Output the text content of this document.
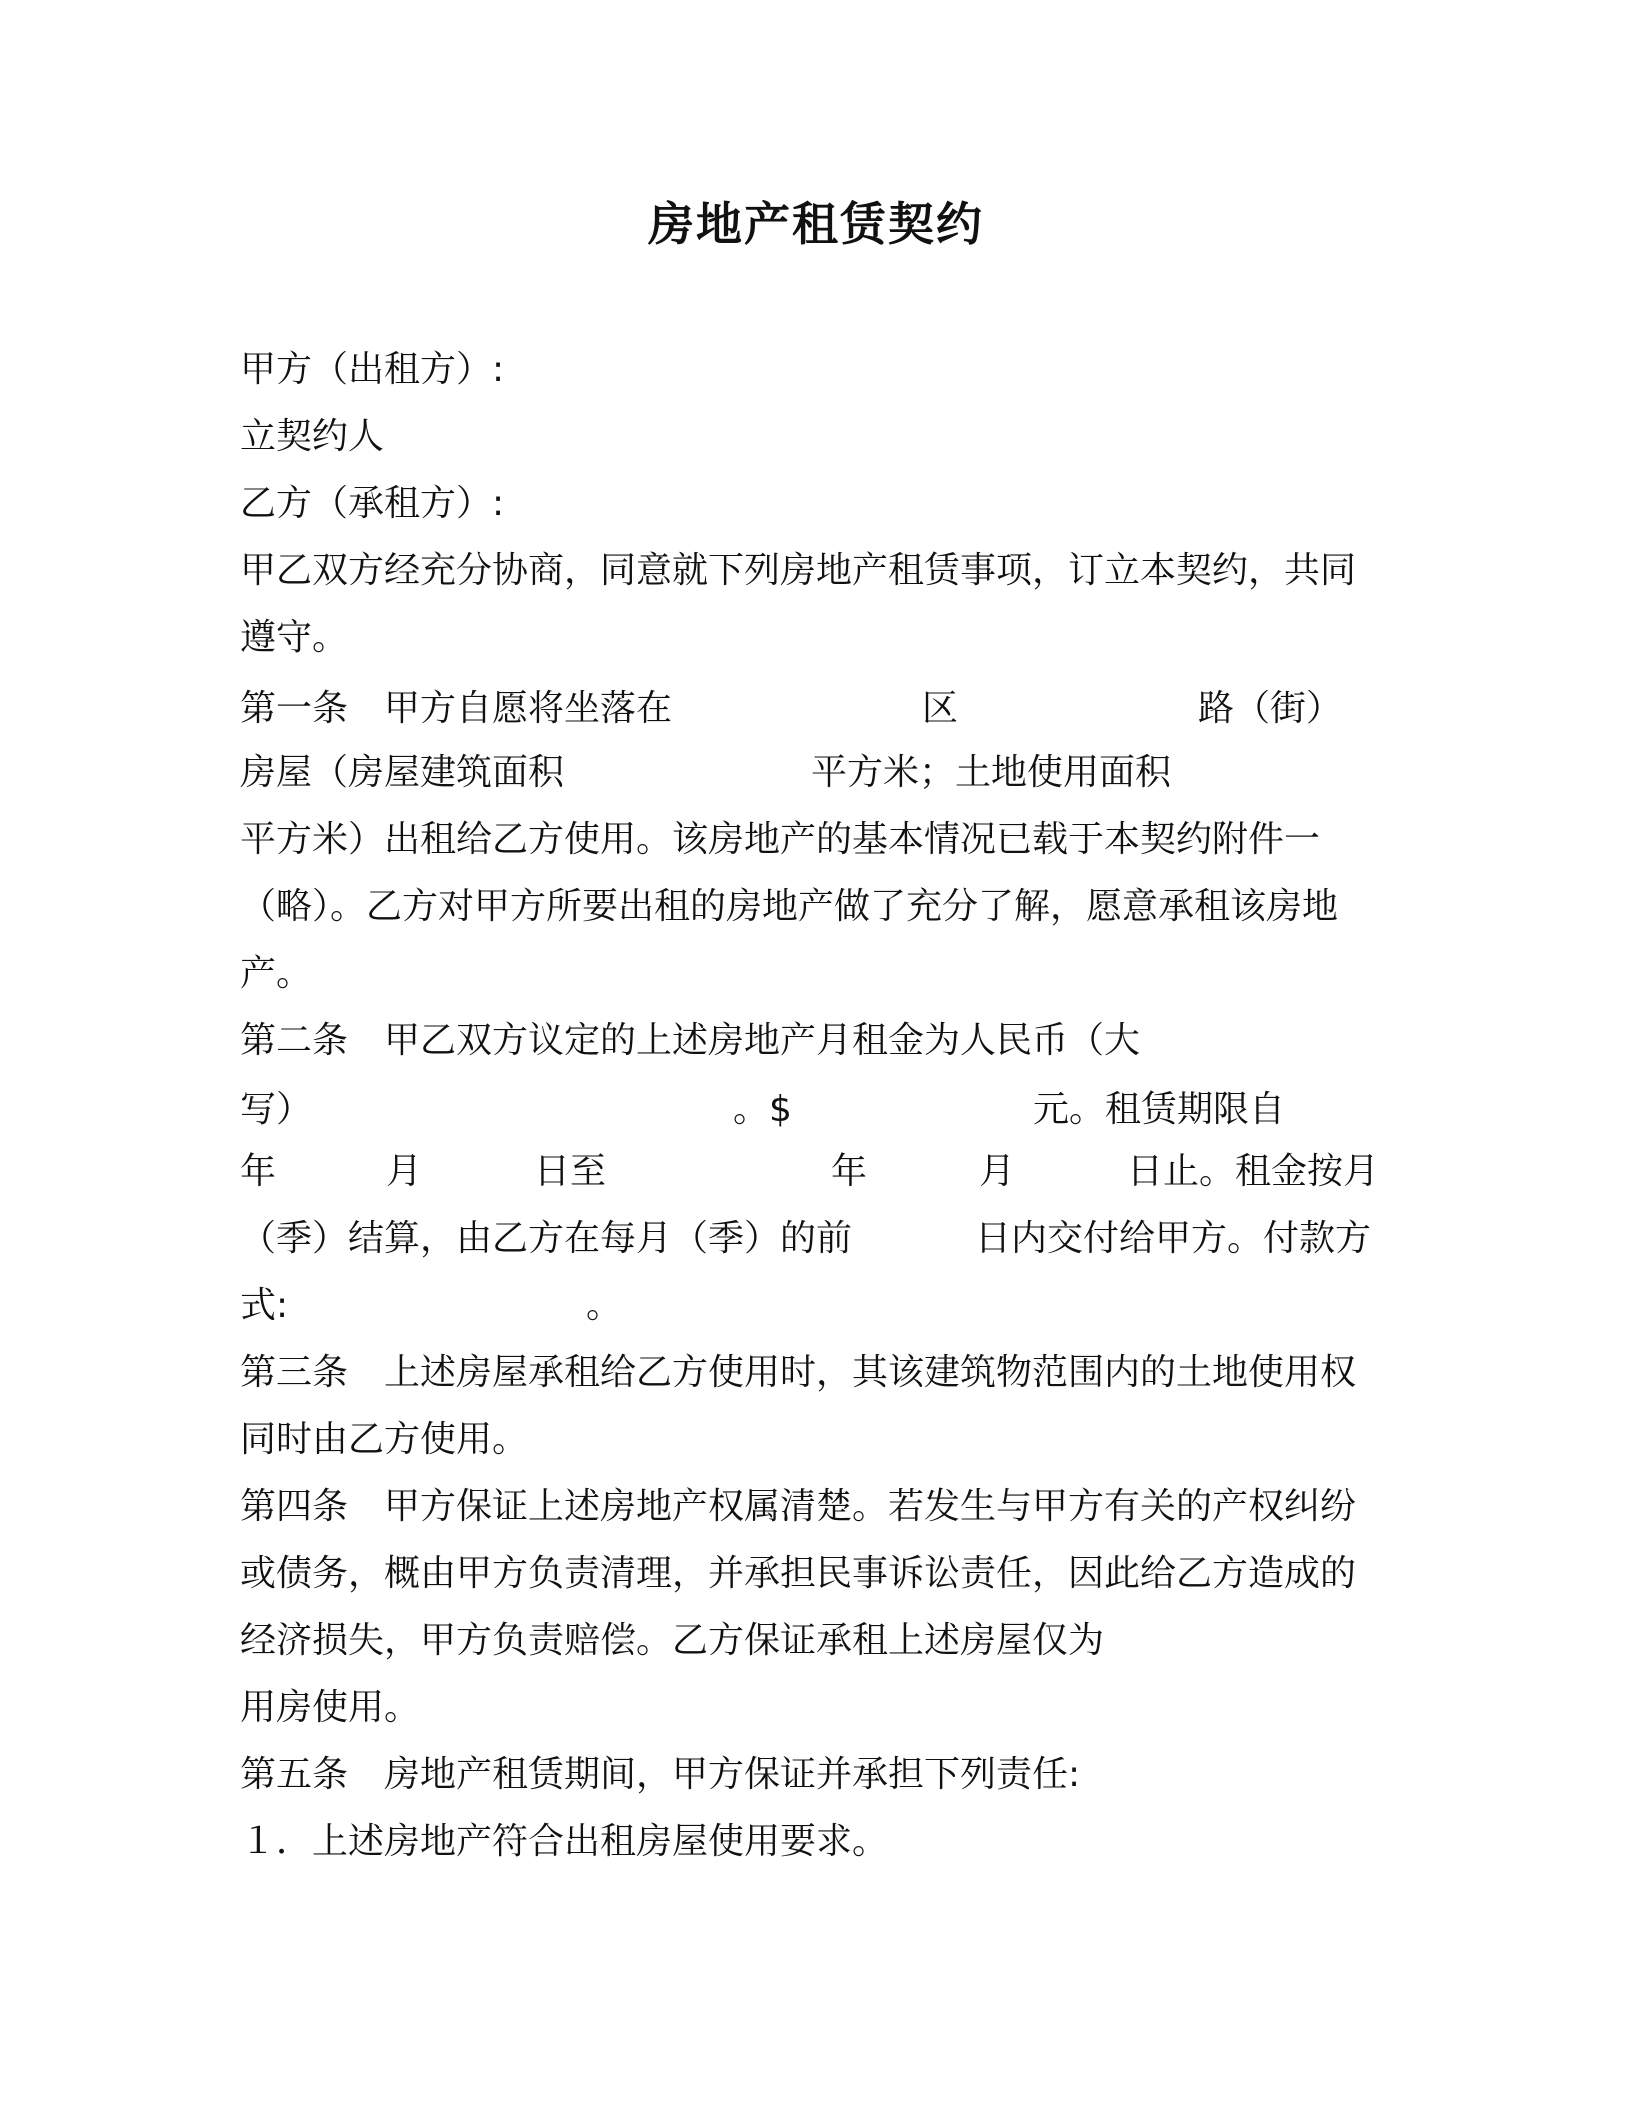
房地产租赁契约
甲方（出租方）:
立契约人
乙方（承租方）:
甲乙双方经充分协商，同意就下列房地产租赁事项，订立本契约，共同
遵守。
第一条　甲方自愿将坐落在	区	路（街）
房屋（房屋建筑面积	平方米；土地使用面积
平方米）出租给乙方使用。该房地产的基本情况已载于本契约附件一
（略）。乙方对甲方所要出租的房地产做了充分了解，愿意承租该房地
产。
第二条　甲乙双方议定的上述房地产月租金为人民币（大
写）	。$	元。租赁期限自
年	月	日至	年	月	日止。租金按月
（季）结算，由乙方在每月（季）的前	日内交付给甲方。付款方
式:	。
第三条　上述房屋承租给乙方使用时，其该建筑物范围内的土地使用权
同时由乙方使用。
第四条　甲方保证上述房地产权属清楚。若发生与甲方有关的产权纠纷
或债务，概由甲方负责清理，并承担民事诉讼责任，因此给乙方造成的
经济损失，甲方负责赔偿。乙方保证承租上述房屋仅为
用房使用。
第五条　房地产租赁期间，甲方保证并承担下列责任:
１．上述房地产符合出租房屋使用要求。
